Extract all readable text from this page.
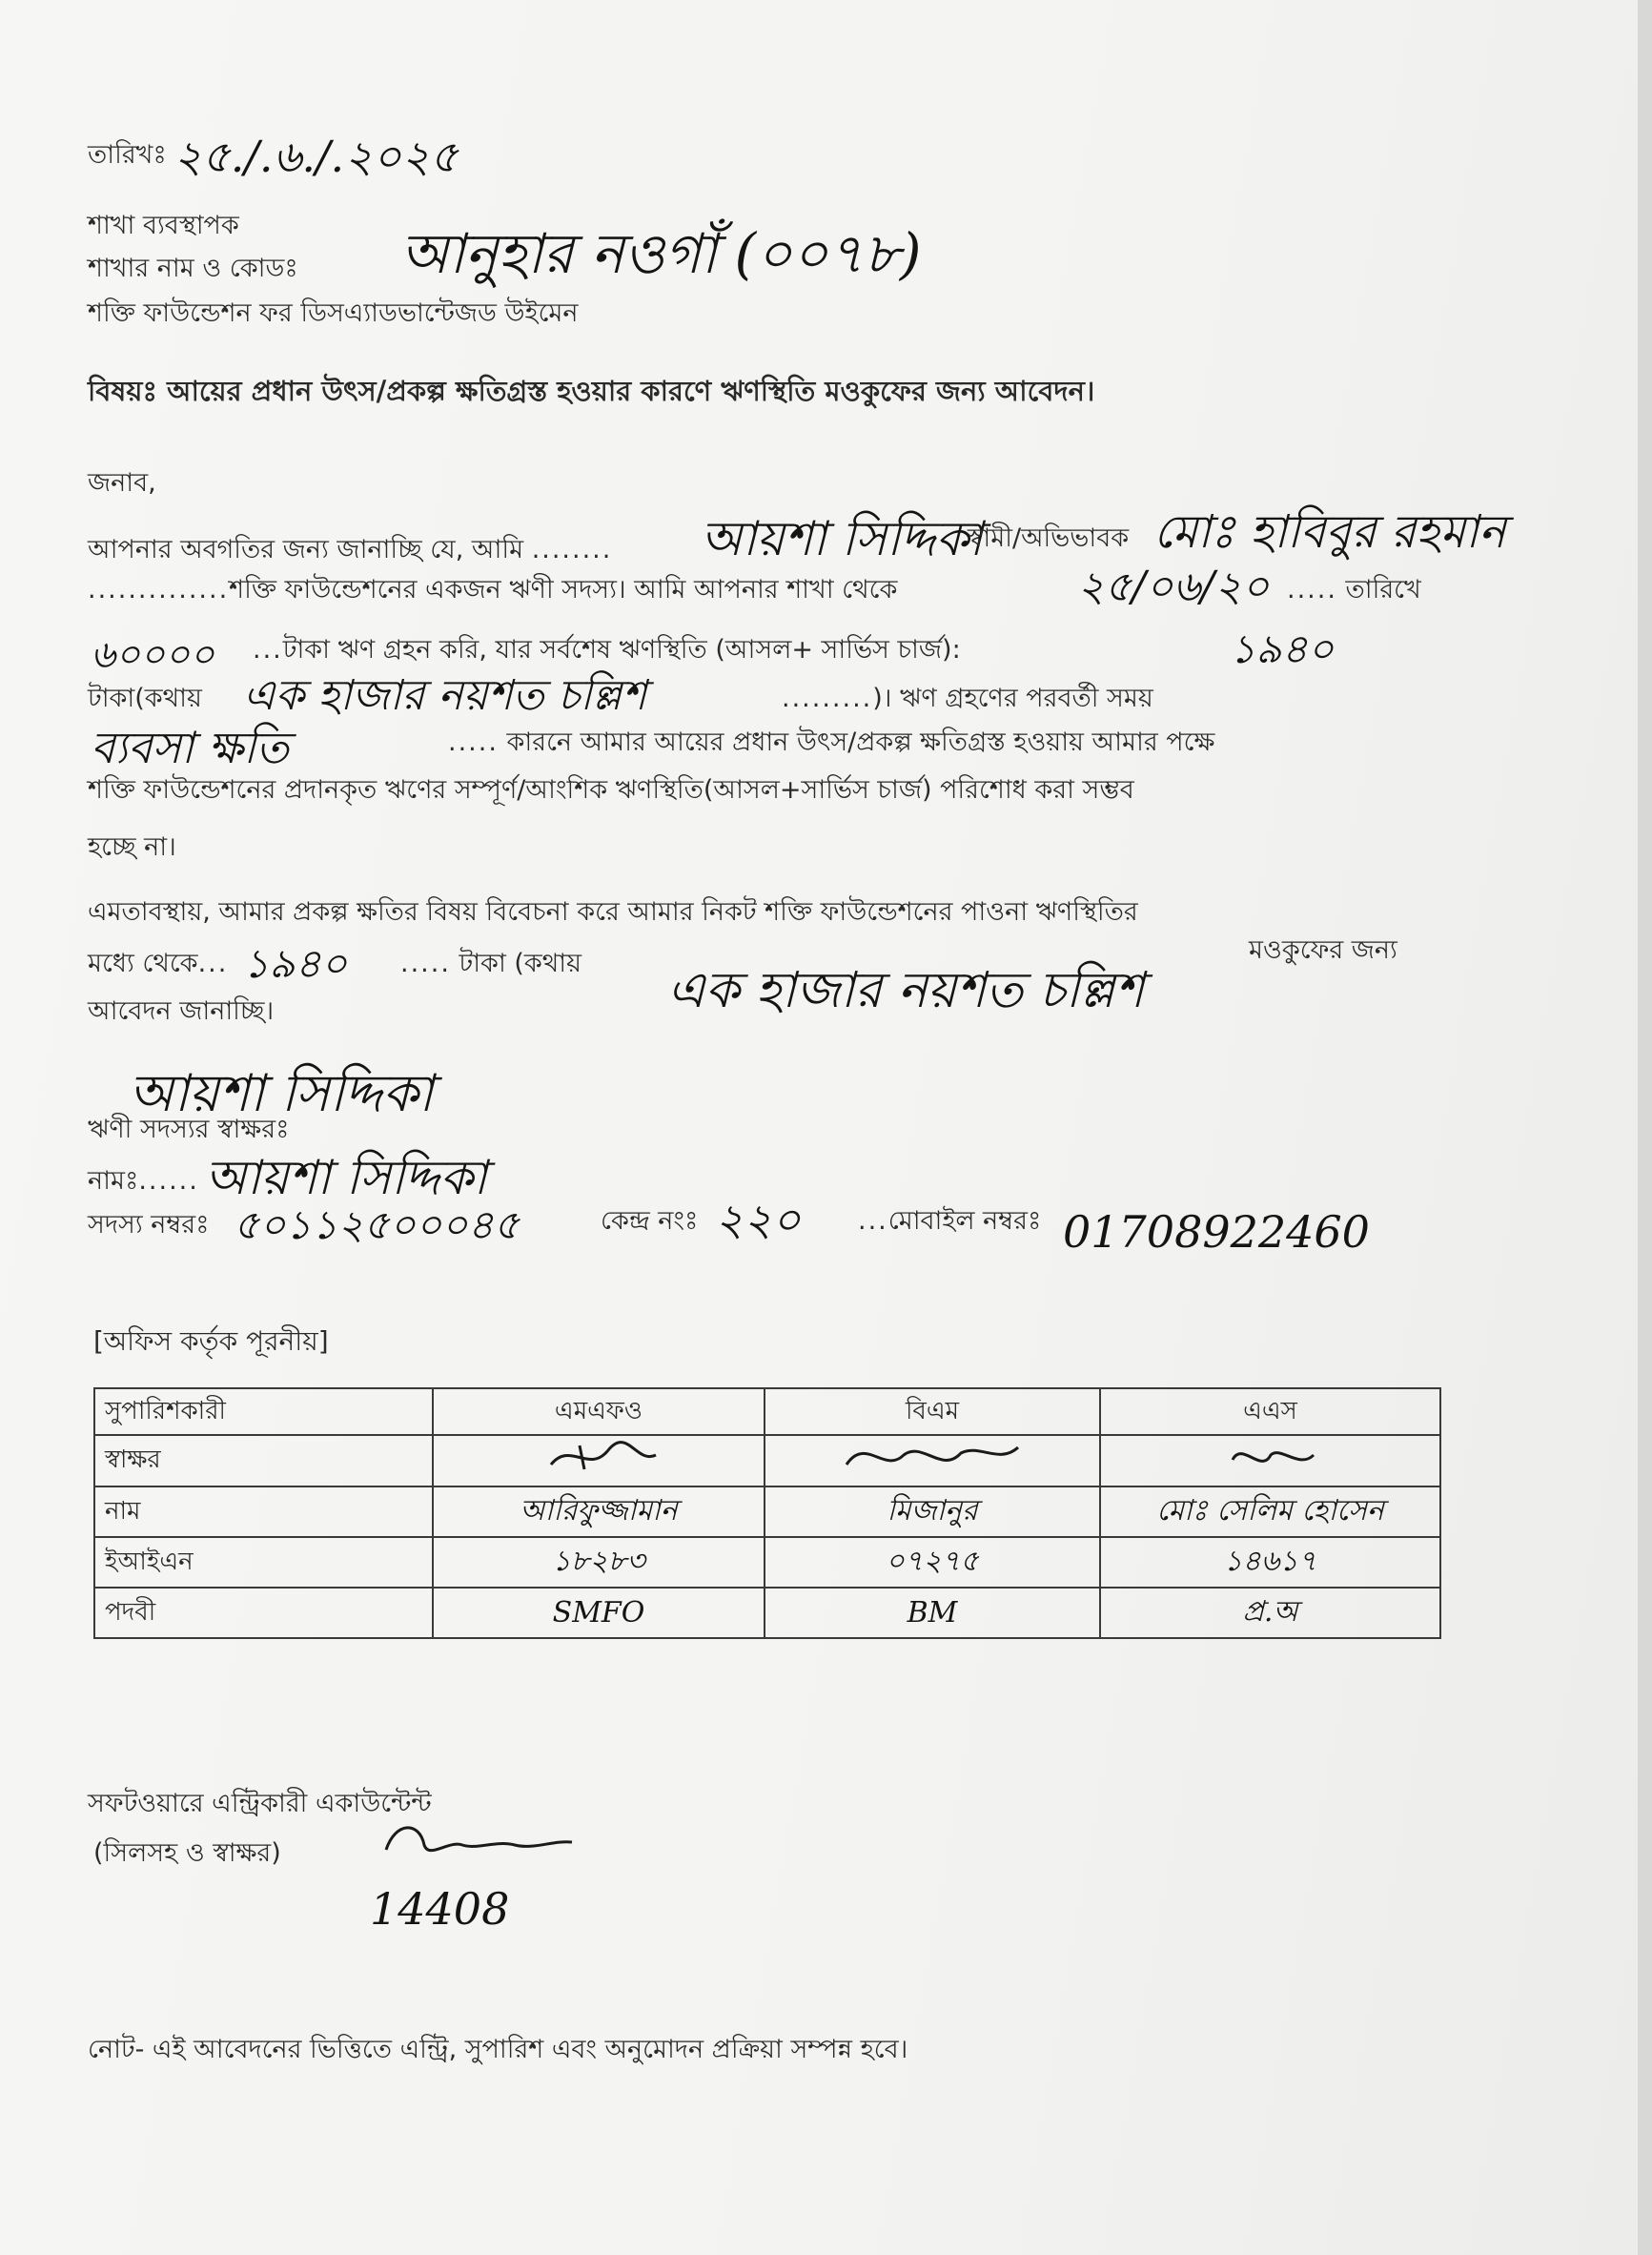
তারিখঃ ২৫./.৬./.২০২৫
শাখা ব্যবস্থাপক
শাখার নাম ও কোডঃ আনুহার নওগাঁ (০০৭৮)
শক্তি ফাউন্ডেশন ফর ডিসএ্যাডভান্টেজড উইমেন
বিষয়ঃ আয়ের প্রধান উৎস/প্রকল্প ক্ষতিগ্রস্ত হওয়ার কারণে ঋণস্থিতি মওকুফের জন্য আবেদন।
জনাব,
আপনার অবগতির জন্য জানাচ্ছি যে, আমি ........ আয়শা সিদ্দিকা
স্বামী/অভিভাবক মোঃ হাবিবুর রহমান
..............শক্তি ফাউন্ডেশনের একজন ঋণী সদস্য। আমি আপনার শাখা থেকে	২৫/০৬/২০ ..... তারিখে
৬০০০০ ...টাকা ঋণ গ্রহন করি, যার সর্বশেষ ঋণস্থিতি (আসল+ সার্ভিস চার্জ):	১৯৪০
টাকা(কথায় এক হাজার নয়শত চল্লিশ	.........)। ঋণ গ্রহণের পরবর্তী সময়
ব্যবসা ক্ষতি	..... কারনে আমার আয়ের প্রধান উৎস/প্রকল্প ক্ষতিগ্রস্ত হওয়ায় আমার পক্ষে
শক্তি ফাউন্ডেশনের প্রদানকৃত ঋণের সম্পূর্ণ/আংশিক ঋণস্থিতি(আসল+সার্ভিস চার্জ) পরিশোধ করা সম্ভব
হচ্ছে না।
এমতাবস্থায়, আমার প্রকল্প ক্ষতির বিষয় বিবেচনা করে আমার নিকট শক্তি ফাউন্ডেশনের পাওনা ঋণস্থিতির
মধ্যে থেকে... ১৯৪০ ..... টাকা (কথায় এক হাজার নয়শত চল্লিশ
মওকুফের জন্য
আবেদন জানাচ্ছি।
আয়শা সিদ্দিকা
ঋণী সদস্যর স্বাক্ষরঃ
নামঃ...... আয়শা সিদ্দিকা
সদস্য নম্বরঃ ৫০১১২৫০০০৪৫	কেন্দ্র নংঃ ২২০ ...মোবাইল নম্বরঃ 01708922460
[অফিস কর্তৃক পূরনীয়]
সুপারিশকারী	এমএফও	বিএম	এএস
স্বাক্ষর			
নাম	আরিফুজ্জামান	মিজানুর	মোঃ সেলিম হোসেন
ইআইএন	১৮২৮৩	০৭২৭৫	১৪৬১৭
পদবী	SMFO	BM	প্র.অ
সফটওয়ারে এন্ট্রিকারী একাউন্টেন্ট
(সিলসহ ও স্বাক্ষর)
14408
নোট- এই আবেদনের ভিত্তিতে এন্ট্রি, সুপারিশ এবং অনুমোদন প্রক্রিয়া সম্পন্ন হবে।
